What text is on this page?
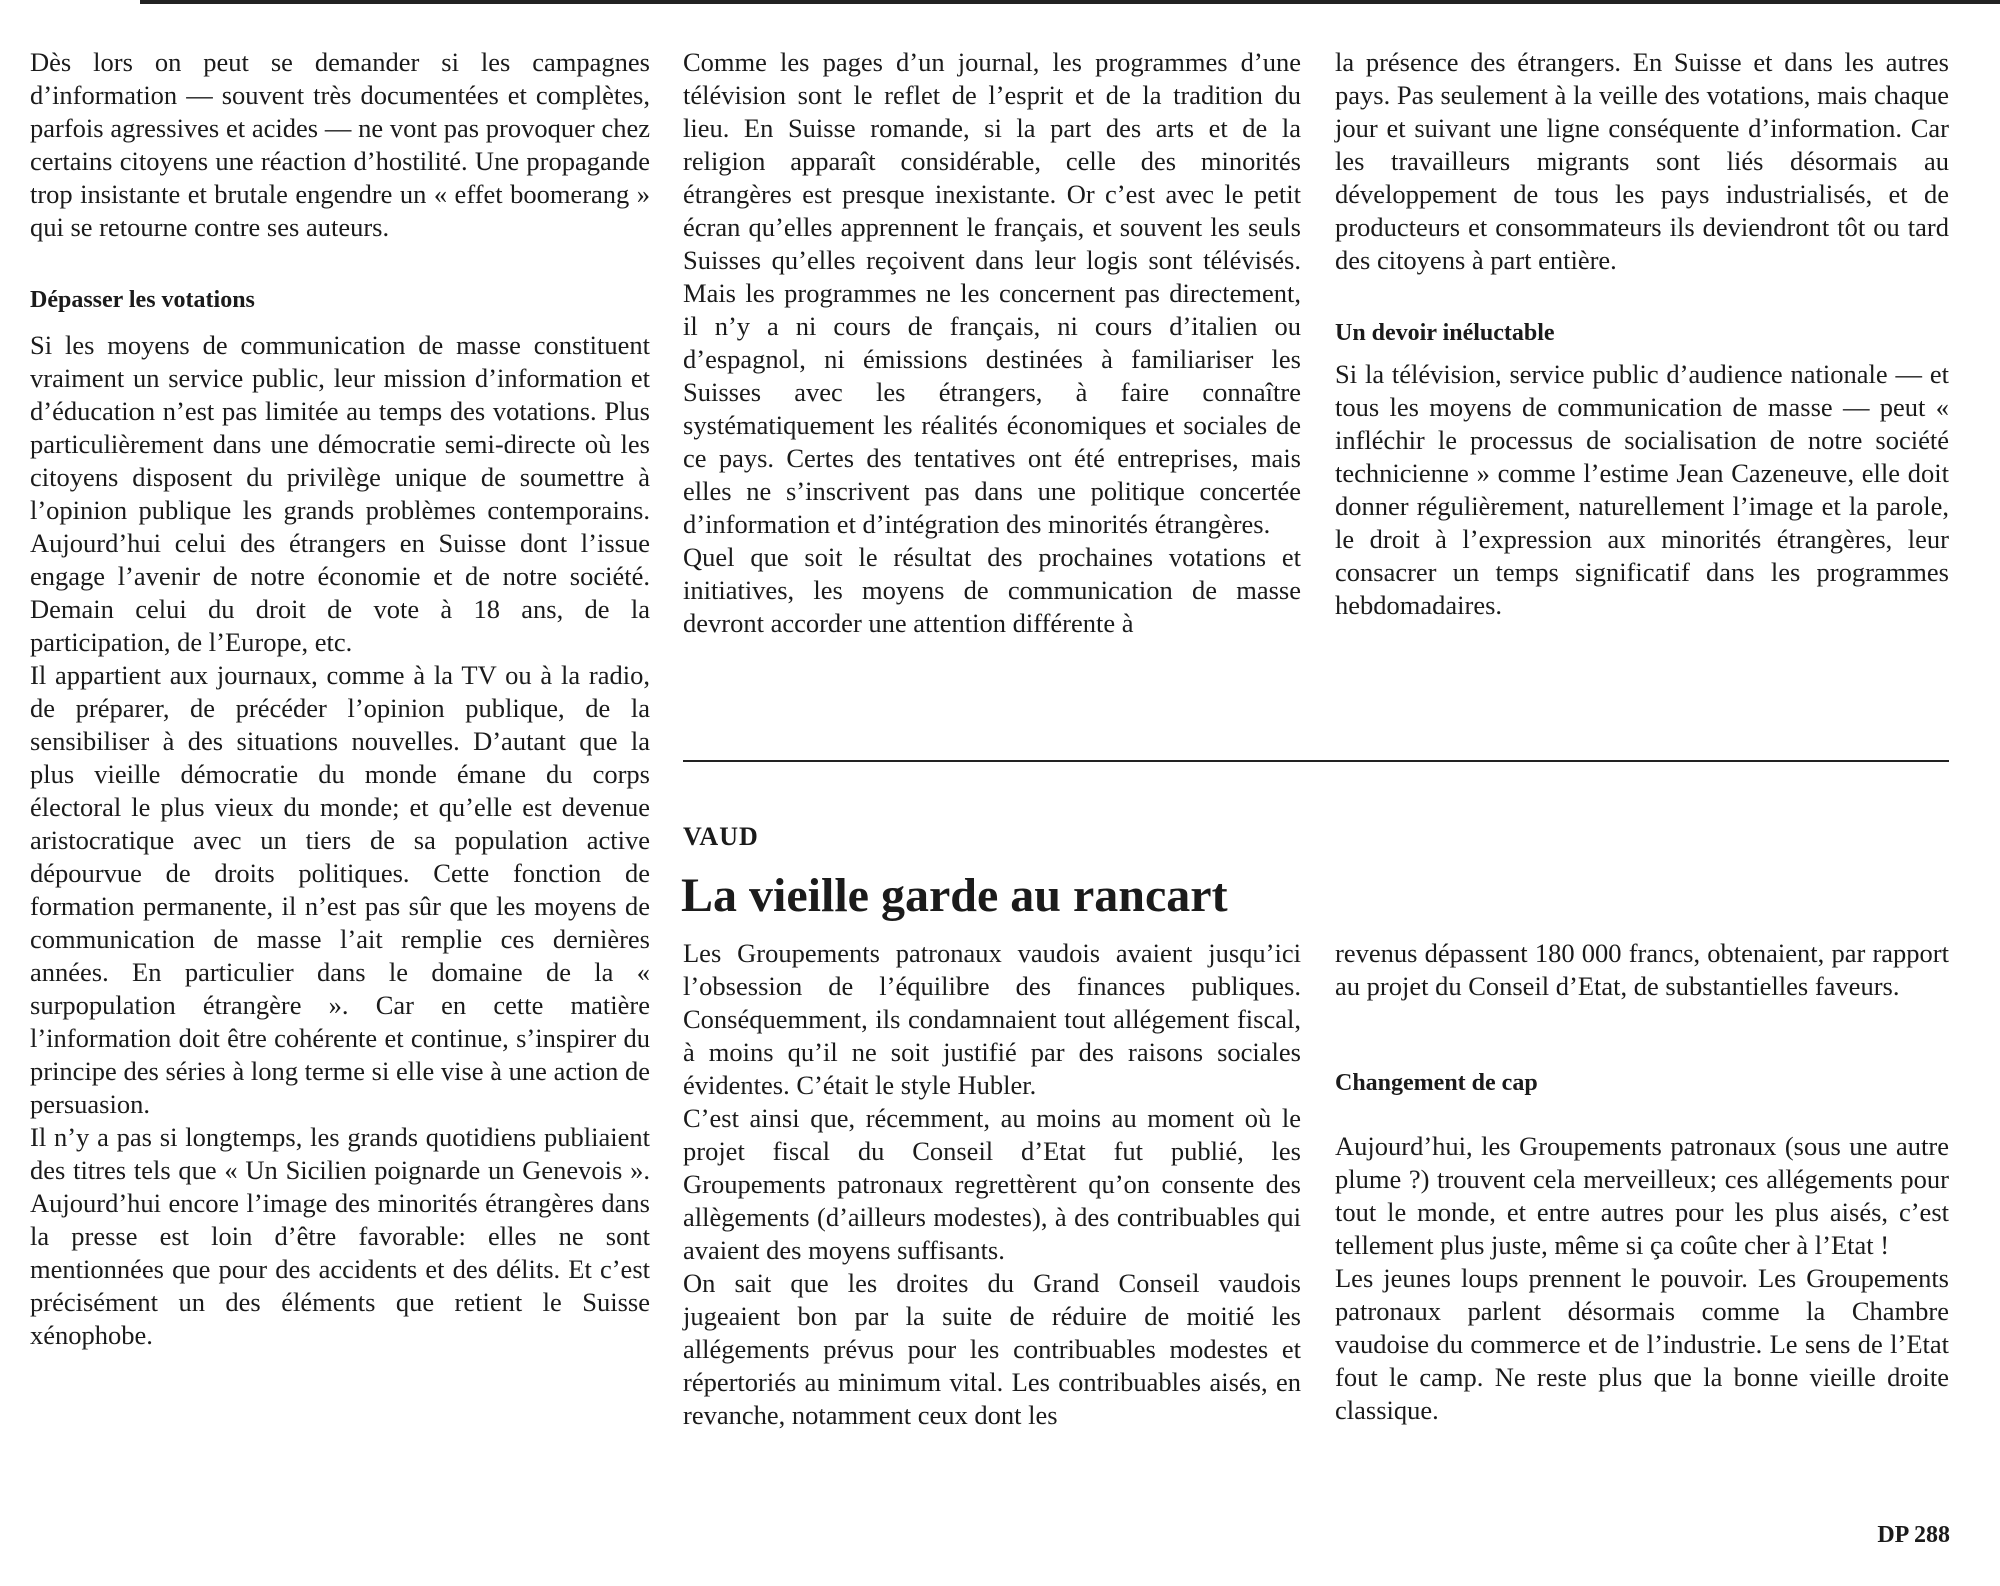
Dès lors on peut se demander si les campagnes d’information — souvent très documentées et complètes, parfois agressives et acides — ne vont pas provoquer chez certains citoyens une réaction d’hostilité. Une propagande trop insistante et brutale engendre un « effet boomerang » qui se retourne contre ses auteurs.

Dépasser les votations

Si les moyens de communication de masse constituent vraiment un service public, leur mission d’information et d’éducation n’est pas limitée au temps des votations. Plus particulièrement dans une démocratie semi-directe où les citoyens disposent du privilège unique de soumettre à l’opinion publique les grands problèmes contemporains. Aujourd’hui celui des étrangers en Suisse dont l’issue engage l’avenir de notre économie et de notre société. Demain celui du droit de vote à 18 ans, de la participation, de l’Europe, etc.

Il appartient aux journaux, comme à la TV ou à la radio, de préparer, de précéder l’opinion publique, de la sensibiliser à des situations nouvelles. D’autant que la plus vieille démocratie du monde émane du corps électoral le plus vieux du monde; et qu’elle est devenue aristocratique avec un tiers de sa population active dépourvue de droits politiques. Cette fonction de formation permanente, il n’est pas sûr que les moyens de communication de masse l’ait remplie ces dernières années. En particulier dans le domaine de la « surpopulation étrangère ». Car en cette matière l’information doit être cohérente et continue, s’inspirer du principe des séries à long terme si elle vise à une action de persuasion.

Il n’y a pas si longtemps, les grands quotidiens publiaient des titres tels que « Un Sicilien poignarde un Genevois ». Aujourd’hui encore l’image des minorités étrangères dans la presse est loin d’être favorable: elles ne sont mentionnées que pour des accidents et des délits. Et c’est précisément un des éléments que retient le Suisse xénophobe.

Comme les pages d’un journal, les programmes d’une télévision sont le reflet de l’esprit et de la tradition du lieu. En Suisse romande, si la part des arts et de la religion apparaît considérable, celle des minorités étrangères est presque inexistante. Or c’est avec le petit écran qu’elles apprennent le français, et souvent les seuls Suisses qu’elles reçoivent dans leur logis sont télévisés. Mais les programmes ne les concernent pas directement, il n’y a ni cours de français, ni cours d’italien ou d’espagnol, ni émissions destinées à familiariser les Suisses avec les étrangers, à faire connaître systématiquement les réalités économiques et sociales de ce pays. Certes des tentatives ont été entreprises, mais elles ne s’inscrivent pas dans une politique concertée d’information et d’intégration des minorités étrangères.

Quel que soit le résultat des prochaines votations et initiatives, les moyens de communication de masse devront accorder une attention différente à

la présence des étrangers. En Suisse et dans les autres pays. Pas seulement à la veille des votations, mais chaque jour et suivant une ligne conséquente d’information. Car les travailleurs migrants sont liés désormais au développement de tous les pays industrialisés, et de producteurs et consommateurs ils deviendront tôt ou tard des citoyens à part entière.

Un devoir inéluctable

Si la télévision, service public d’audience nationale — et tous les moyens de communication de masse — peut « infléchir le processus de socialisation de notre société technicienne » comme l’estime Jean Cazeneuve, elle doit donner régulièrement, naturellement l’image et la parole, le droit à l’expression aux minorités étrangères, leur consacrer un temps significatif dans les programmes hebdomadaires.

VAUD
La vieille garde au rancart

Les Groupements patronaux vaudois avaient jusqu’ici l’obsession de l’équilibre des finances publiques. Conséquemment, ils condamnaient tout allégement fiscal, à moins qu’il ne soit justifié par des raisons sociales évidentes. C’était le style Hubler.

C’est ainsi que, récemment, au moins au moment où le projet fiscal du Conseil d’Etat fut publié, les Groupements patronaux regrettèrent qu’on consente des allègements (d’ailleurs modestes), à des contribuables qui avaient des moyens suffisants.

On sait que les droites du Grand Conseil vaudois jugeaient bon par la suite de réduire de moitié les allégements prévus pour les contribuables modestes et répertoriés au minimum vital. Les contribuables aisés, en revanche, notamment ceux dont les

revenus dépassent 180 000 francs, obtenaient, par rapport au projet du Conseil d’Etat, de substantielles faveurs.

Changement de cap

Aujourd’hui, les Groupements patronaux (sous une autre plume ?) trouvent cela merveilleux; ces allégements pour tout le monde, et entre autres pour les plus aisés, c’est tellement plus juste, même si ça coûte cher à l’Etat !

Les jeunes loups prennent le pouvoir. Les Groupements patronaux parlent désormais comme la Chambre vaudoise du commerce et de l’industrie. Le sens de l’Etat fout le camp. Ne reste plus que la bonne vieille droite classique.

DP 288
